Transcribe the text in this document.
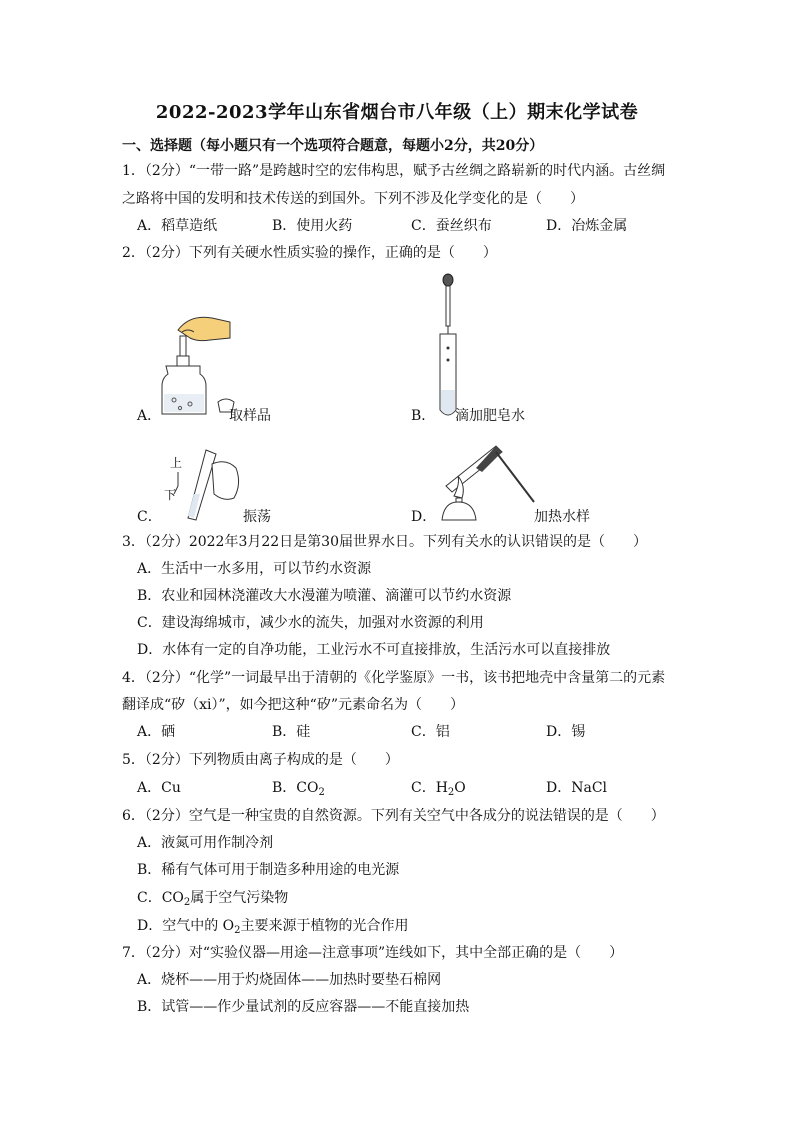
2022-2023学年山东省烟台市八年级（上）期末化学试卷
一、选择题（每小题只有一个选项符合题意，每题小2分，共20分）
1．（2分）“一带一路”是跨越时空的宏伟构思，赋予古丝绸之路崭新的时代内涵。古丝绸
之路将中国的发明和技术传送的到国外。下列不涉及化学变化的是（　　）
A．稻草造纸	B．使用火药	C．蚕丝织布	D．冶炼金属
2．（2分）下列有关硬水性质实验的操作，正确的是（　　）
A．	取样品	B． 滴加肥皂水
C．
上
下
振荡	D．	加热水样
3．（2分）2022年3月22日是第30届世界水日。下列有关水的认识错误的是（　　）
A．生活中一水多用，可以节约水资源
B．农业和园林浇灌改大水漫灌为喷灌、滴灌可以节约水资源
C．建设海绵城市，减少水的流失，加强对水资源的利用
D．水体有一定的自净功能，工业污水不可直接排放，生活污水可以直接排放
4．（2分）“化学”一词最早出于清朝的《化学鉴原》一书，该书把地壳中含量第二的元素
翻译成“矽（xi）”，如今把这种“矽”元素命名为（　　）
A．硒	B．硅	C．铝	D．锡
5．（2分）下列物质由离子构成的是（　　）
A．Cu	B．$CO_2$	C．$H_2O$	D．NaCl
6．（2分）空气是一种宝贵的自然资源。下列有关空气中各成分的说法错误的是（　　）
A．液氮可用作制冷剂
B．稀有气体可用于制造多种用途的电光源
C．$CO_2$属于空气污染物
D．空气中的 $O_2$主要来源于植物的光合作用
7．（2分）对“实验仪器—用途—注意事项”连线如下，其中全部正确的是（　　）
A．烧杯——用于灼烧固体——加热时要垫石棉网
B．试管——作少量试剂的反应容器——不能直接加热
